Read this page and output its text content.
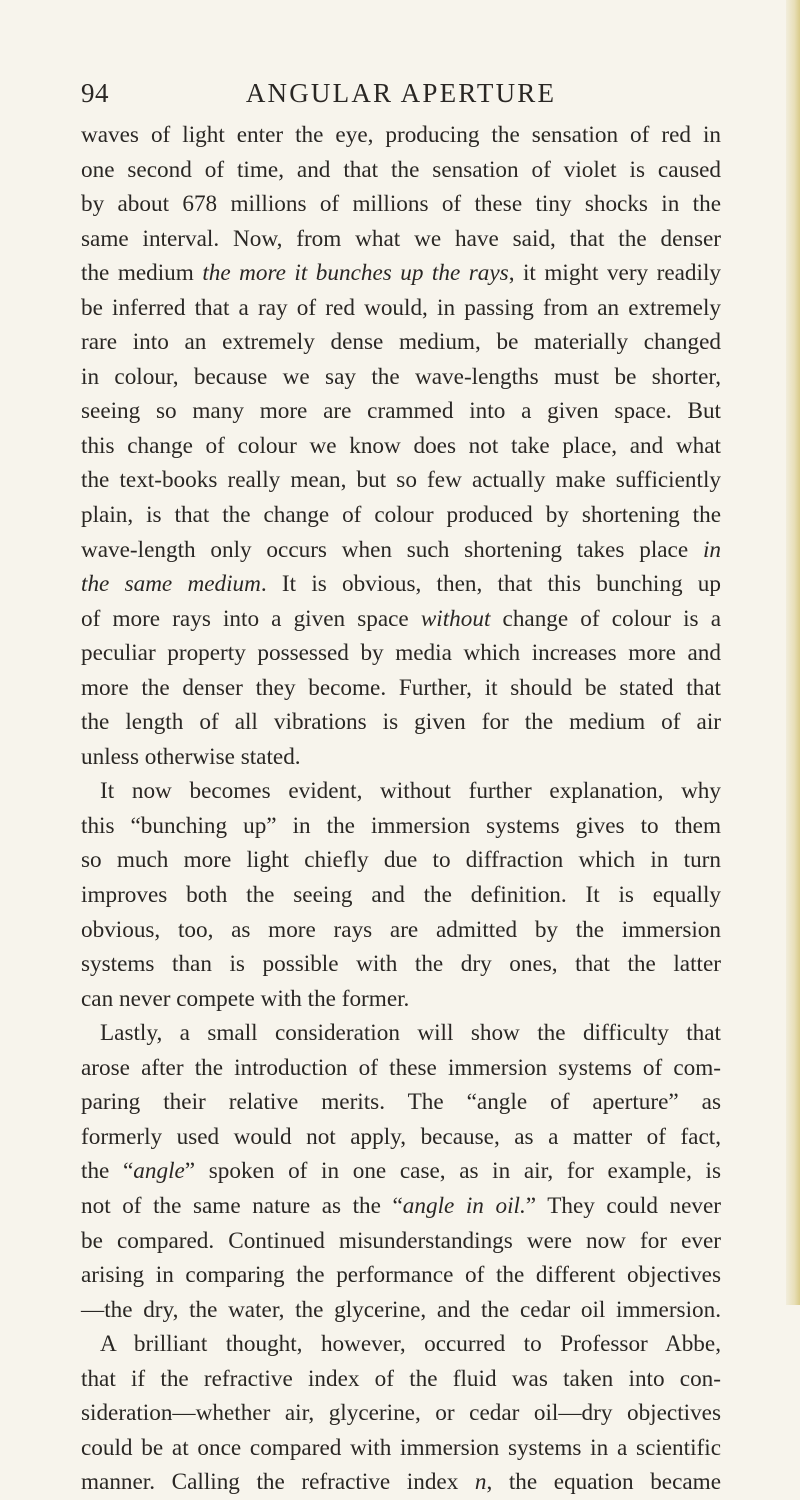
94	ANGULAR APERTURE
waves of light enter the eye, producing the sensation of red in
one second of time, and that the sensation of violet is caused
by about 678 millions of millions of these tiny shocks in the
same interval. Now, from what we have said, that the denser
the medium the more it bunches up the rays, it might very readily
be inferred that a ray of red would, in passing from an extremely
rare into an extremely dense medium, be materially changed
in colour, because we say the wave-lengths must be shorter,
seeing so many more are crammed into a given space. But
this change of colour we know does not take place, and what
the text-books really mean, but so few actually make sufficiently
plain, is that the change of colour produced by shortening the
wave-length only occurs when such shortening takes place in
the same medium. It is obvious, then, that this bunching up
of more rays into a given space without change of colour is a
peculiar property possessed by media which increases more and
more the denser they become. Further, it should be stated that
the length of all vibrations is given for the medium of air
unless otherwise stated.
It now becomes evident, without further explanation, why
this “bunching up” in the immersion systems gives to them
so much more light chiefly due to diffraction which in turn
improves both the seeing and the definition. It is equally
obvious, too, as more rays are admitted by the immersion
systems than is possible with the dry ones, that the latter
can never compete with the former.
Lastly, a small consideration will show the difficulty that
arose after the introduction of these immersion systems of com-
paring their relative merits. The “angle of aperture” as
formerly used would not apply, because, as a matter of fact,
the “angle” spoken of in one case, as in air, for example, is
not of the same nature as the “angle in oil.” They could never
be compared. Continued misunderstandings were now for ever
arising in comparing the performance of the different objectives
—the dry, the water, the glycerine, and the cedar oil immersion.
A brilliant thought, however, occurred to Professor Abbe,
that if the refractive index of the fluid was taken into con-
sideration—whether air, glycerine, or cedar oil—dry objectives
could be at once compared with immersion systems in a scientific
manner. Calling the refractive index n, the equation became
